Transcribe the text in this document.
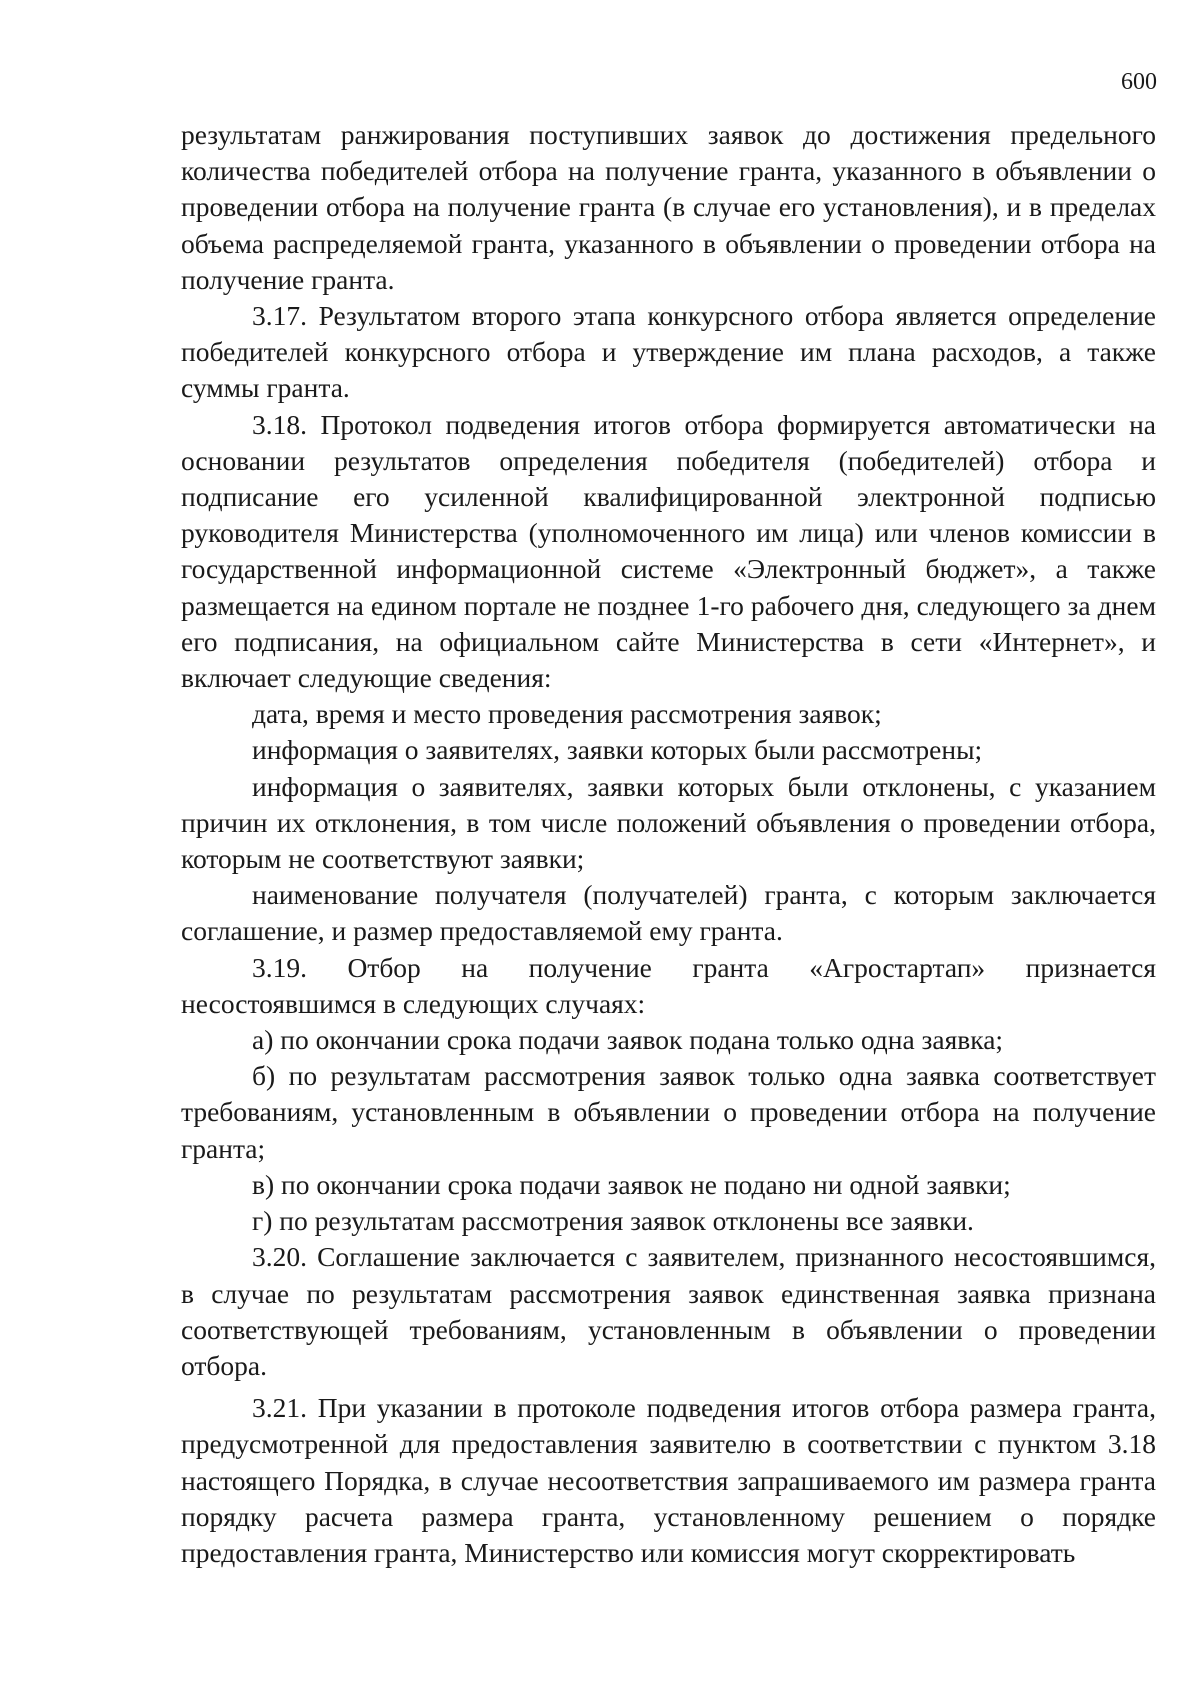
600

результатам ранжирования поступивших заявок до достижения предельного количества победителей отбора на получение гранта, указанного в объявлении о проведении отбора на получение гранта (в случае его установления), и в пределах объема распределяемой гранта, указанного в объявлении о проведении отбора на получение гранта.

3.17. Результатом второго этапа конкурсного отбора является определение победителей конкурсного отбора и утверждение им плана расходов, а также суммы гранта.

3.18. Протокол подведения итогов отбора формируется автоматически на основании результатов определения победителя (победителей) отбора и подписание его усиленной квалифицированной электронной подписью руководителя Министерства (уполномоченного им лица) или членов комиссии в государственной информационной системе «Электронный бюджет», а также размещается на едином портале не позднее 1-го рабочего дня, следующего за днем его подписания, на официальном сайте Министерства в сети «Интернет», и включает следующие сведения:

дата, время и место проведения рассмотрения заявок;

информация о заявителях, заявки которых были рассмотрены;

информация о заявителях, заявки которых были отклонены, с указанием причин их отклонения, в том числе положений объявления о проведении отбора, которым не соответствуют заявки;

наименование получателя (получателей) гранта, с которым заключается соглашение, и размер предоставляемой ему гранта.

3.19. Отбор на получение гранта «Агростартап» признается несостоявшимся в следующих случаях:

а) по окончании срока подачи заявок подана только одна заявка;

б) по результатам рассмотрения заявок только одна заявка соответствует требованиям, установленным в объявлении о проведении отбора на получение гранта;

в) по окончании срока подачи заявок не подано ни одной заявки;

г) по результатам рассмотрения заявок отклонены все заявки.

3.20. Соглашение заключается с заявителем, признанного несостоявшимся, в случае по результатам рассмотрения заявок единственная заявка признана соответствующей требованиям, установленным в объявлении о проведении отбора.

3.21. При указании в протоколе подведения итогов отбора размера гранта, предусмотренной для предоставления заявителю в соответствии с пунктом 3.18 настоящего Порядка, в случае несоответствия запрашиваемого им размера гранта порядку расчета размера гранта, установленному решением о порядке предоставления гранта, Министерство или комиссия могут скорректировать
